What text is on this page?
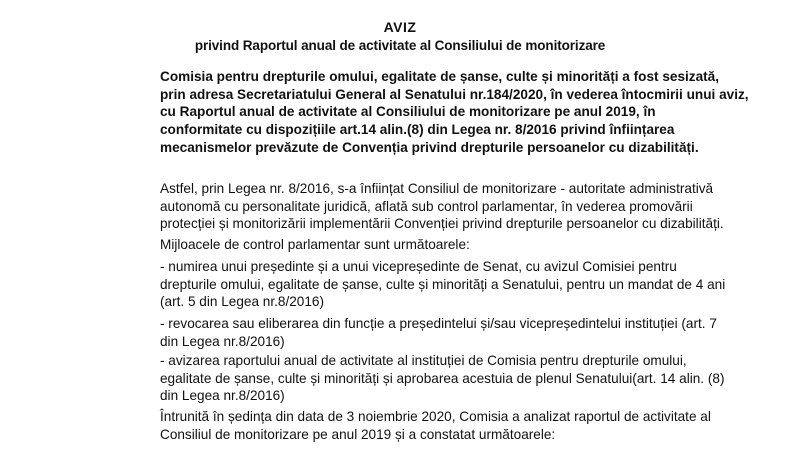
AVIZ
privind Raportul anual de activitate al Consiliului de monitorizare
Comisia pentru drepturile omului, egalitate de șanse, culte și minorități a fost sesizată,
prin adresa Secretariatului General al Senatului nr.184/2020, în vederea întocmirii unui aviz,
cu Raportul anual de activitate al Consiliului de monitorizare pe anul 2019, în
conformitate cu dispozițiile art.14 alin.(8) din Legea nr. 8/2016 privind înființarea
mecanismelor prevăzute de Convenția privind drepturile persoanelor cu dizabilități.
Astfel, prin Legea nr. 8/2016, s-a înființat Consiliul de monitorizare - autoritate administrativă
autonomă cu personalitate juridică, aflată sub control parlamentar, în vederea promovării
protecției și monitorizării implementării Convenției privind drepturile persoanelor cu dizabilități.
Mijloacele de control parlamentar sunt următoarele:
- numirea unui președinte și a unui vicepreședinte de Senat, cu avizul Comisiei pentru
drepturile omului, egalitate de șanse, culte și minorități a Senatului, pentru un mandat de 4 ani
(art. 5 din Legea nr.8/2016)
- revocarea sau eliberarea din funcție a președintelui și/sau vicepreședintelui instituției (art. 7
din Legea nr.8/2016)
- avizarea raportului anual de activitate al instituției de Comisia pentru drepturile omului,
egalitate de șanse, culte și minorități și aprobarea acestuia de plenul Senatului(art. 14 alin. (8)
din Legea nr.8/2016)
Întrunită în ședința din data de 3 noiembrie 2020, Comisia a analizat raportul de activitate al
Consiliul de monitorizare pe anul 2019 și a constatat următoarele:
